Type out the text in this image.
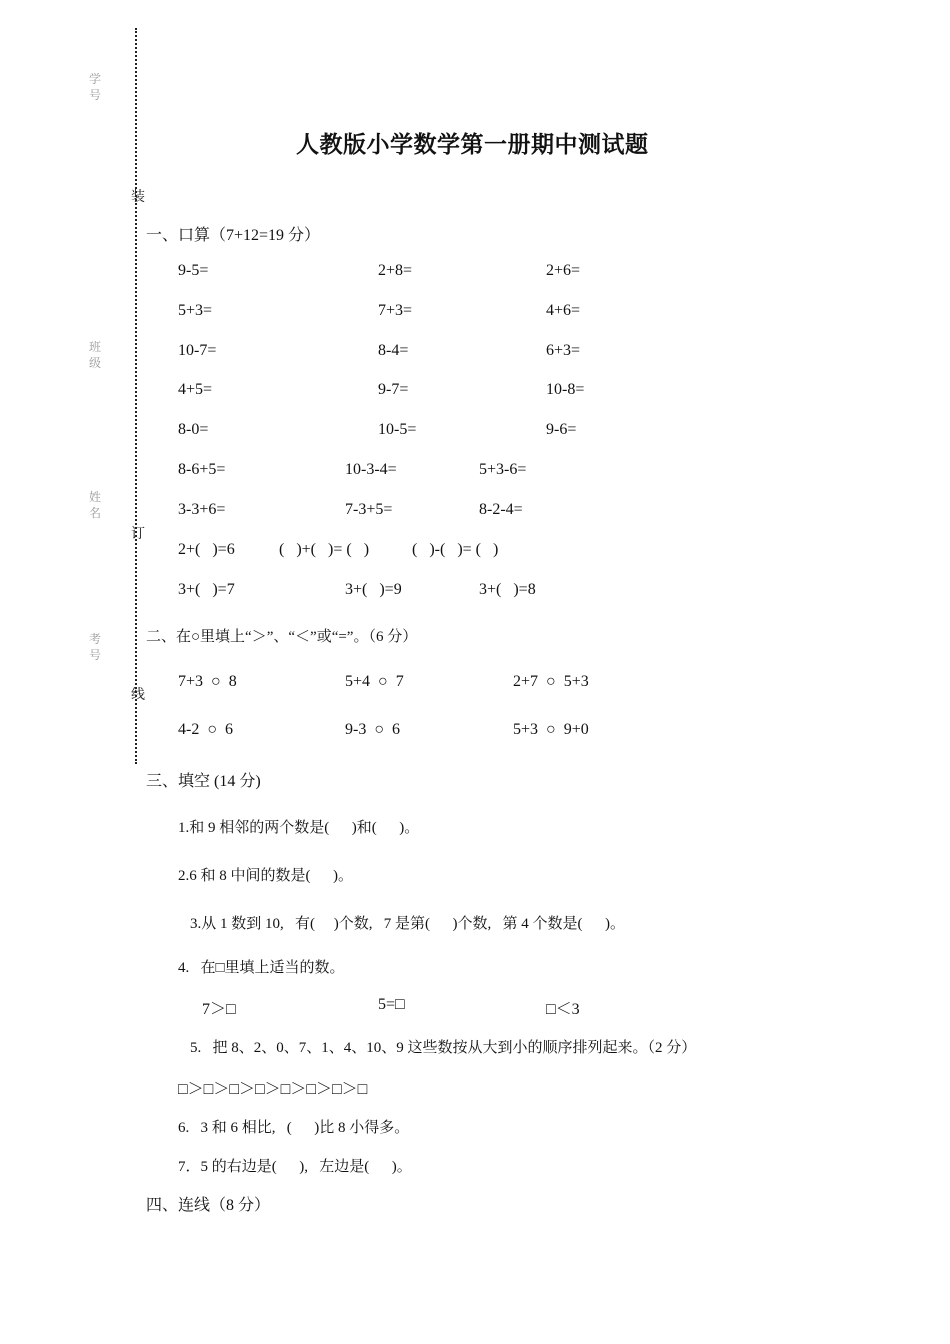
学
号
班
级
姓
名
考
号
装
订
线
人教版小学数学第一册期中测试题
一、口算（7+12=19 分）
9-5=	2+8=	2+6=
5+3=	7+3=	4+6=
10-7=	8-4=	6+3=
4+5=	9-7=	10-8=
8-0=	10-5=	9-6=
8-6+5=	10-3-4=	5+3-6=
3-3+6=	7-3+5=	8-2-4=
2+(   )=6	(   )+(   )= (   )	(   )-(   )= (   )
3+(   )=7	3+(   )=9	3+(   )=8
二、在○里填上“＞”、“＜”或“=”。（6 分）
7+3  ○  8	5+4  ○  7	2+7  ○  5+3
4-2  ○  6	9-3  ○  6	5+3  ○  9+0
三、填空 (14 分)
1.和 9 相邻的两个数是(      )和(      )。
2.6 和 8 中间的数是(      )。
3.从 1 数到 10,   有(     )个数,   7 是第(      )个数,   第 4 个数是(      )。
4.   在□里填上适当的数。
7＞□	5=□	□＜3
5.   把 8、2、0、7、1、4、10、9 这些数按从大到小的顺序排列起来。（2 分）
□＞□＞□＞□＞□＞□＞□＞□
6.   3 和 6 相比,   (      )比 8 小得多。
7．5 的右边是(      ),   左边是(      )。
四、连线（8 分）
